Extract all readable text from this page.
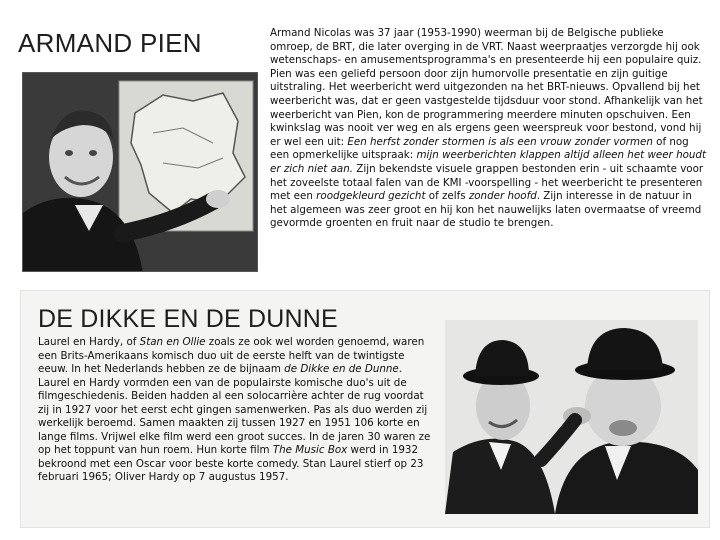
ARMAND PIEN	Armand Nicolas was 37 jaar (1953-1990) weerman bij de Belgische publieke omroep, de BRT, die later overging in de VRT. Naast weerpraatjes verzorgde hij ook wetenschaps- en amusementsprogramma's en presenteerde hij een populaire quiz. Pien was een geliefd persoon door zijn humorvolle presentatie en zijn guitige uitstraling. Het weerbericht werd uitgezonden na het BRT-nieuws. Opvallend bij het weerbericht was, dat er geen vastgestelde tijdsduur voor stond. Afhankelijk van het weerbericht van Pien, kon de programmering meerdere minuten opschuiven. Een kwinkslag was nooit ver weg en als ergens geen weerspreuk voor bestond, vond hij er wel een uit: Een herfst zonder stormen is als een vrouw zonder vormen of nog een opmerkelijke uitspraak: mijn weerberichten klappen altijd alleen het weer houdt er zich niet aan. Zijn bekendste visuele grappen bestonden erin - uit schaamte voor het zoveelste totaal falen van de KMI -voorspelling - het weerbericht te presenteren met een roodgekleurd gezicht of zelfs zonder hoofd. Zijn interesse in de natuur in het algemeen was zeer groot en hij kon het nauwelijks laten overmaatse of vreemd gevormde groenten en fruit naar de studio te brengen.
DE DIKKE EN DE DUNNE
Laurel en Hardy, of Stan en Ollie zoals ze ook wel worden genoemd, waren een Brits-Amerikaans komisch duo uit de eerste helft van de twintigste eeuw. In het Nederlands hebben ze de bijnaam de Dikke en de Dunne. Laurel en Hardy vormden een van de populairste komische duo's uit de filmgeschiedenis. Beiden hadden al een solocarrière achter de rug voordat zij in 1927 voor het eerst echt gingen samenwerken. Pas als duo werden zij werkelijk beroemd. Samen maakten zij tussen 1927 en 1951 106 korte en lange films. Vrijwel elke film werd een groot succes. In de jaren 30 waren ze op het toppunt van hun roem. Hun korte film The Music Box werd in 1932 bekroond met een Oscar voor beste korte comedy. Stan Laurel stierf op 23 februari 1965; Oliver Hardy op 7 augustus 1957.
